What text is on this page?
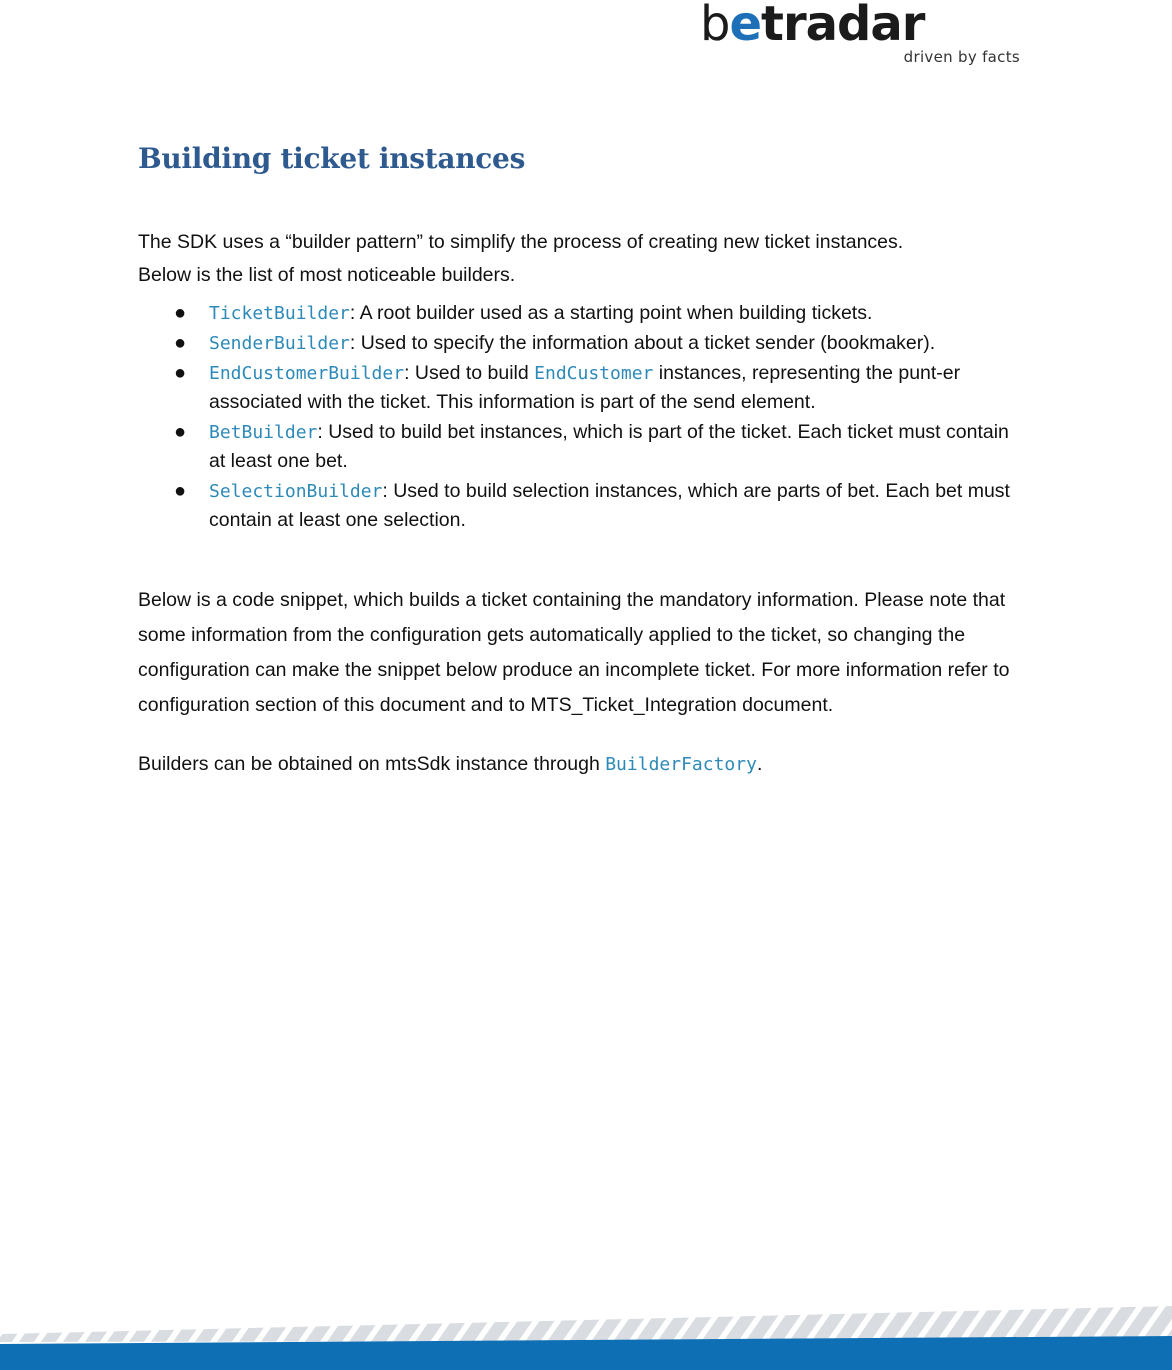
betradar
driven by facts
Building ticket instances

The SDK uses a “builder pattern” to simplify the process of creating new ticket instances.
Below is the list of most noticeable builders.

● TicketBuilder: A root builder used as a starting point when building tickets.
● SenderBuilder: Used to specify the information about a ticket sender (bookmaker).
● EndCustomerBuilder: Used to build EndCustomer instances, representing the punt-er associated with the ticket. This information is part of the send element.
● BetBuilder: Used to build bet instances, which is part of the ticket. Each ticket must contain at least one bet.
● SelectionBuilder: Used to build selection instances, which are parts of bet. Each bet must contain at least one selection.

Below is a code snippet, which builds a ticket containing the mandatory information. Please note that some information from the configuration gets automatically applied to the ticket, so changing the configuration can make the snippet below produce an incomplete ticket. For more information refer to configuration section of this document and to MTS_Ticket_Integration document.

Builders can be obtained on mtsSdk instance through BuilderFactory.
